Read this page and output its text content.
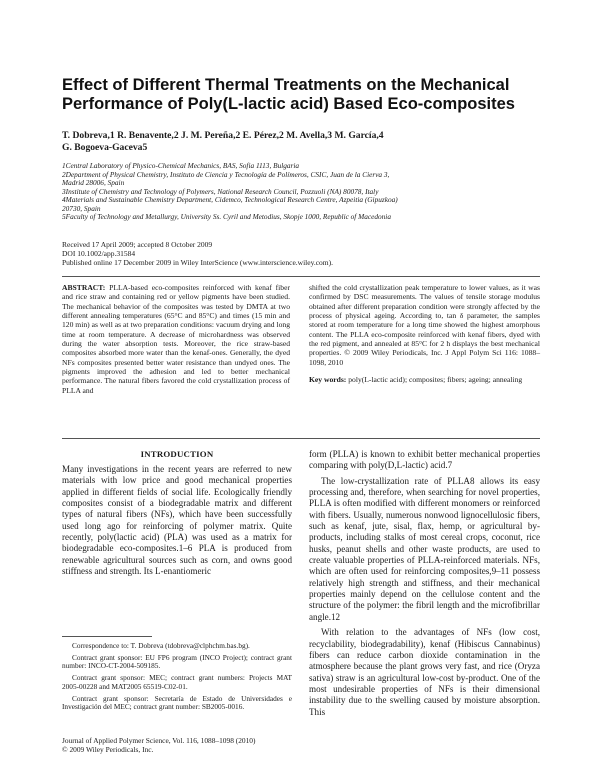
Effect of Different Thermal Treatments on the Mechanical
Performance of Poly(L-lactic acid) Based Eco-composites
T. Dobreva,1 R. Benavente,2 J. M. Pereña,2 E. Pérez,2 M. Avella,3 M. García,4
G. Bogoeva-Gaceva5
1Central Laboratory of Physico-Chemical Mechanics, BAS, Sofia 1113, Bulgaria
2Department of Physical Chemistry, Instituto de Ciencia y Tecnología de Polímeros, CSIC, Juan de la Cierva 3,
Madrid 28006, Spain
3Institute of Chemistry and Technology of Polymers, National Research Council, Pozzuoli (NA) 80078, Italy
4Materials and Sustainable Chemistry Department, Cidemco, Technological Research Centre, Azpeitia (Gipuzkoa)
20730, Spain
5Faculty of Technology and Metallurgy, University Ss. Cyril and Metodius, Skopje 1000, Republic of Macedonia
Received 17 April 2009; accepted 8 October 2009
DOI 10.1002/app.31584
Published online 17 December 2009 in Wiley InterScience (www.interscience.wiley.com).

ABSTRACT: PLLA-based eco-composites reinforced with kenaf fiber and rice straw and containing red or yellow pigments have been studied. The mechanical behavior of the composites was tested by DMTA at two different annealing temperatures (65°C and 85°C) and times (15 min and 120 min) as well as at two preparation conditions: vacuum drying and long time at room temperature. A decrease of microhardness was observed during the water absorption tests. Moreover, the rice straw-based composites absorbed more water than the kenaf-ones. Generally, the dyed NFs composites presented better water resistance than undyed ones. The pigments improved the adhesion and led to better mechanical performance. The natural fibers favored the cold crystallization process of PLLA and

shifted the cold crystallization peak temperature to lower values, as it was confirmed by DSC measurements. The values of tensile storage modulus obtained after different preparation condition were strongly affected by the process of physical ageing. According to, tan δ parameter, the samples stored at room temperature for a long time showed the highest amorphous content. The PLLA eco-composite reinforced with kenaf fibers, dyed with the red pigment, and annealed at 85°C for 2 h displays the best mechanical properties. © 2009 Wiley Periodicals, Inc. J Appl Polym Sci 116: 1088–1098, 2010

Key words: poly(L-lactic acid); composites; fibers; ageing; annealing

INTRODUCTION

Many investigations in the recent years are referred to new materials with low price and good mechanical properties applied in different fields of social life. Ecologically friendly composites consist of a biodegradable matrix and different types of natural fibers (NFs), which have been successfully used long ago for reinforcing of polymer matrix. Quite recently, poly(lactic acid) (PLA) was used as a matrix for biodegradable eco-composites.1–6 PLA is produced from renewable agricultural sources such as corn, and owns good stiffness and strength. Its L-enantiomeric

Correspondence to: T. Dobreva (tdobreva@clphchm.bas.bg).

Contract grant sponsor: EU FP6 program (INCO Project); contract grant number: INCO-CT-2004-509185.

Contract grant sponsor: MEC; contract grant numbers: Projects MAT 2005-00228 and MAT2005 65519-C02-01.

Contract grant sponsor: Secretaría de Estado de Universidades e Investigación del MEC; contract grant number: SB2005-0016.

Journal of Applied Polymer Science, Vol. 116, 1088–1098 (2010)
© 2009 Wiley Periodicals, Inc.

form (PLLA) is known to exhibit better mechanical properties comparing with poly(D,L-lactic) acid.7

The low-crystallization rate of PLLA8 allows its easy processing and, therefore, when searching for novel properties, PLLA is often modified with different monomers or reinforced with fibers. Usually, numerous nonwood lignocellulosic fibers, such as kenaf, jute, sisal, flax, hemp, or agricultural by-products, including stalks of most cereal crops, coconut, rice husks, peanut shells and other waste products, are used to create valuable properties of PLLA-reinforced materials. NFs, which are often used for reinforcing composites,9–11 possess relatively high strength and stiffness, and their mechanical properties mainly depend on the cellulose content and the structure of the polymer: the fibril length and the microfibrillar angle.12

With relation to the advantages of NFs (low cost, recyclability, biodegradability), kenaf (Hibiscus Cannabinus) fibers can reduce carbon dioxide contamination in the atmosphere because the plant grows very fast, and rice (Oryza sativa) straw is an agricultural low-cost by-product. One of the most undesirable properties of NFs is their dimensional instability due to the swelling caused by moisture absorption. This
